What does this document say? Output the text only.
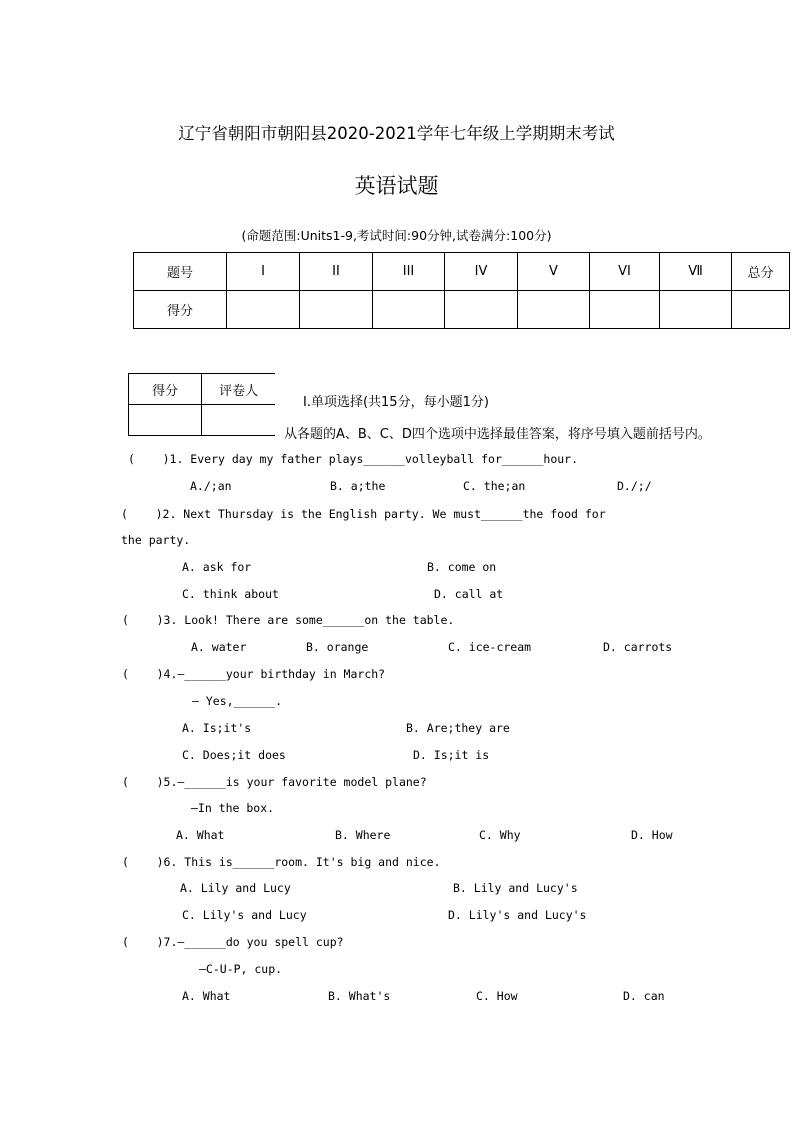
辽宁省朝阳市朝阳县2020-2021学年七年级上学期期末考试
英语试题
(命题范围:Units1-9,考试时间:90分钟,试卷满分:100分)
题号	I	II	III	IV	V	VI	Ⅶ	总分
得分								
得分	评卷人

Ⅰ.单项选择(共15分，每小题1分)
从各题的A、B、C、D四个选项中选择最佳答案，将序号填入题前括号内。
(    )1. Every day my father plays______volleyball for______hour.
A./;an	B. a;the	C. the;an	D./;/
(    )2. Next Thursday is the English party. We must______the food for
the party.
A. ask for	B. come on
C. think about	D. call at
(    )3. Look! There are some______on the table.
A. water	B. orange	C. ice-cream	D. carrots
(    )4.—______your birthday in March?
— Yes,______.
A. Is;it's	B. Are;they are
C. Does;it does	D. Is;it is
(    )5.—______is your favorite model plane?
—In the box.
A. What	B. Where	C. Why	D. How
(    )6. This is______room. It's big and nice.
A. Lily and Lucy	B. Lily and Lucy's
C. Lily's and Lucy	D. Lily's and Lucy's
(    )7.—______do you spell cup?
—C-U-P, cup.
A. What	B. What's	C. How	D. can
